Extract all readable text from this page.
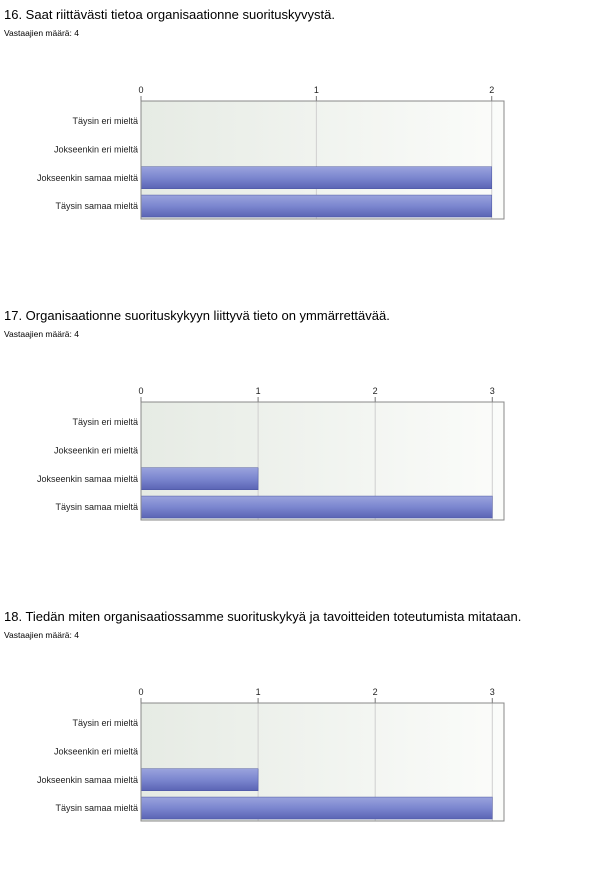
16. Saat riittävästi tietoa organisaationne suorituskyvystä.
Vastaajien määrä: 4
0	1	2
Täysin eri mieltä
Jokseenkin eri mieltä
Jokseenkin samaa mieltä
Täysin samaa mieltä
17. Organisaationne suorituskykyyn liittyvä tieto on ymmärrettävää.
Vastaajien määrä: 4
0	1	2	3
Täysin eri mieltä
Jokseenkin eri mieltä
Jokseenkin samaa mieltä
Täysin samaa mieltä
18. Tiedän miten organisaatiossamme suorituskykyä ja tavoitteiden toteutumista mitataan.
Vastaajien määrä: 4
0	1	2	3
Täysin eri mieltä
Jokseenkin eri mieltä
Jokseenkin samaa mieltä
Täysin samaa mieltä
